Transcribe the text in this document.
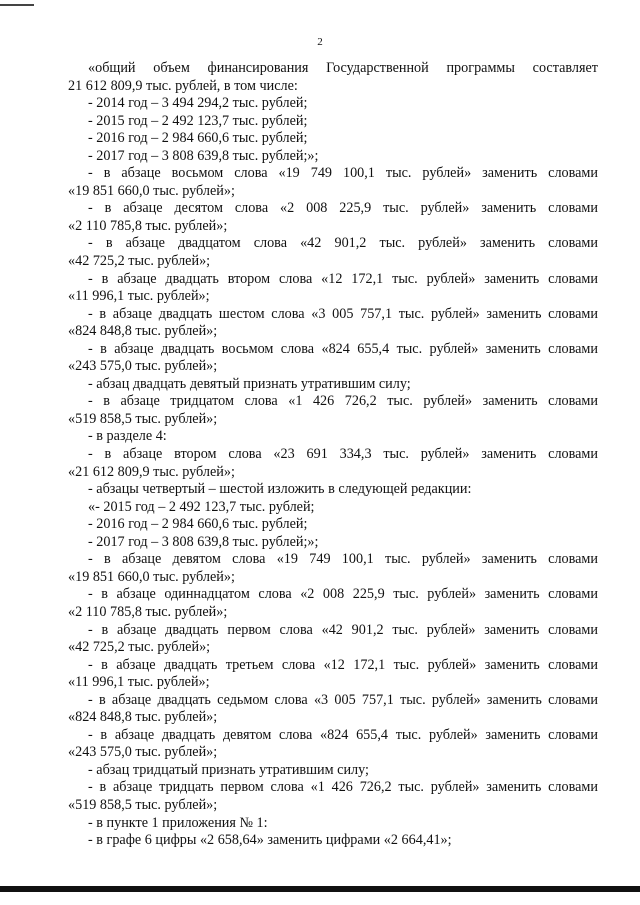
2
«общий объем финансирования Государственной программы составляет
21 612 809,9 тыс. рублей, в том числе:
- 2014 год – 3 494 294,2 тыс. рублей;
- 2015 год – 2 492 123,7 тыс. рублей;
- 2016 год – 2 984 660,6 тыс. рублей;
- 2017 год – 3 808 639,8 тыс. рублей;»;
- в абзаце восьмом слова «19 749 100,1 тыс. рублей» заменить словами
«19 851 660,0 тыс. рублей»;
- в абзаце десятом слова «2 008 225,9 тыс. рублей» заменить словами
«2 110 785,8 тыс. рублей»;
- в абзаце двадцатом слова «42 901,2 тыс. рублей» заменить словами
«42 725,2 тыс. рублей»;
- в абзаце двадцать втором слова «12 172,1 тыс. рублей» заменить словами
«11 996,1 тыс. рублей»;
- в абзаце двадцать шестом слова «3 005 757,1 тыс. рублей» заменить словами
«824 848,8 тыс. рублей»;
- в абзаце двадцать восьмом слова «824 655,4 тыс. рублей» заменить словами
«243 575,0 тыс. рублей»;
- абзац двадцать девятый признать утратившим силу;
- в абзаце тридцатом слова «1 426 726,2 тыс. рублей» заменить словами
«519 858,5 тыс. рублей»;
- в разделе 4:
- в абзаце втором слова «23 691 334,3 тыс. рублей» заменить словами
«21 612 809,9 тыс. рублей»;
- абзацы четвертый – шестой изложить в следующей редакции:
«- 2015 год – 2 492 123,7 тыс. рублей;
- 2016 год – 2 984 660,6 тыс. рублей;
- 2017 год – 3 808 639,8 тыс. рублей;»;
- в абзаце девятом слова «19 749 100,1 тыс. рублей» заменить словами
«19 851 660,0 тыс. рублей»;
- в абзаце одиннадцатом слова «2 008 225,9 тыс. рублей» заменить словами
«2 110 785,8 тыс. рублей»;
- в абзаце двадцать первом слова «42 901,2 тыс. рублей» заменить словами
«42 725,2 тыс. рублей»;
- в абзаце двадцать третьем слова «12 172,1 тыс. рублей» заменить словами
«11 996,1 тыс. рублей»;
- в абзаце двадцать седьмом слова «3 005 757,1 тыс. рублей» заменить словами
«824 848,8 тыс. рублей»;
- в абзаце двадцать девятом слова «824 655,4 тыс. рублей» заменить словами
«243 575,0 тыс. рублей»;
- абзац тридцатый признать утратившим силу;
- в абзаце тридцать первом слова «1 426 726,2 тыс. рублей» заменить словами
«519 858,5 тыс. рублей»;
- в пункте 1 приложения № 1:
- в графе 6 цифры «2 658,64» заменить цифрами «2 664,41»;
